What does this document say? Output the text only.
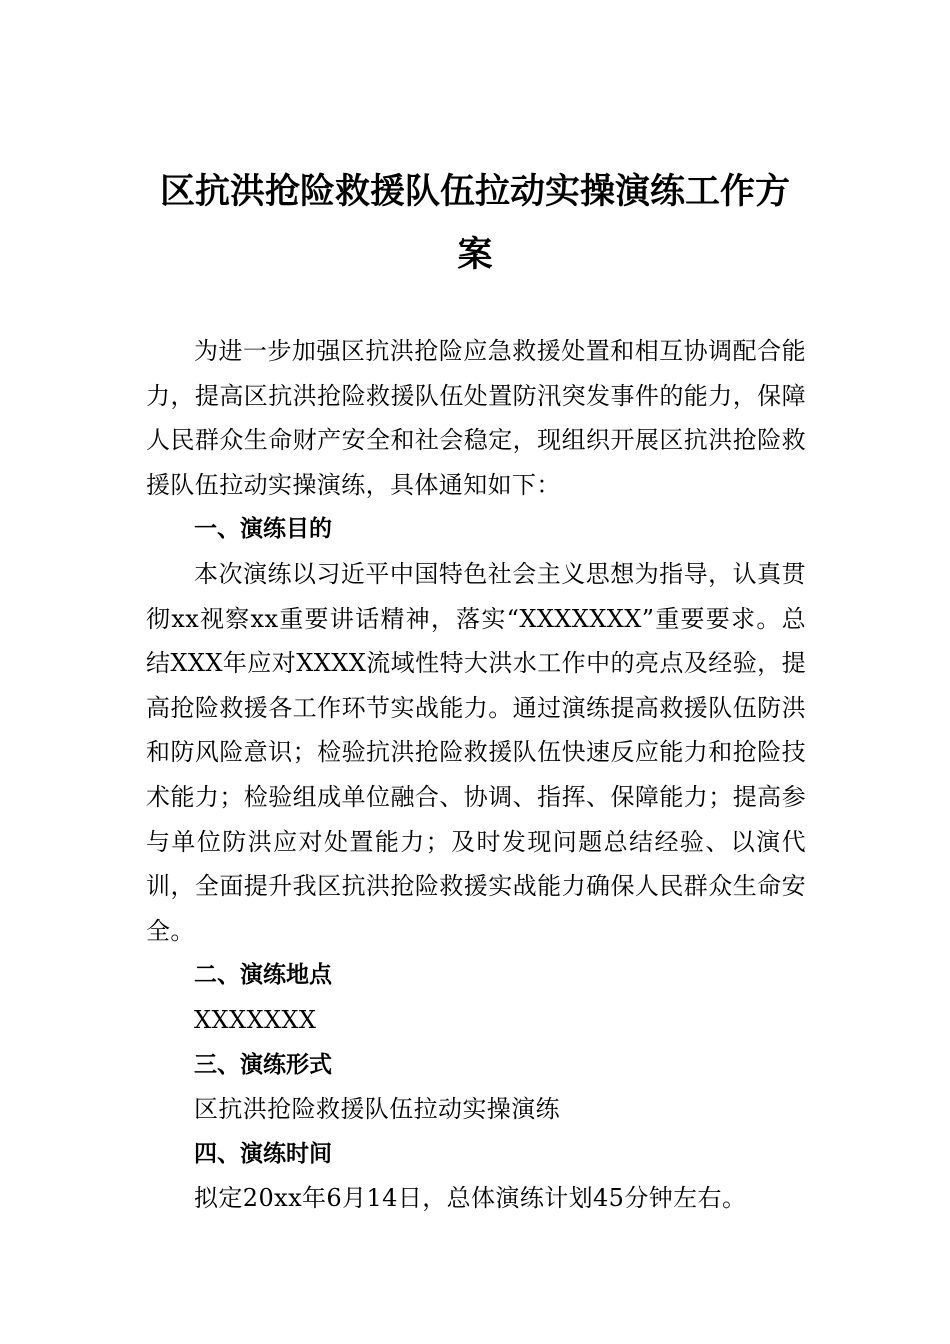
区抗洪抢险救援队伍拉动实操演练工作方
案

为进一步加强区抗洪抢险应急救援处置和相互协调配合能力，提高区抗洪抢险救援队伍处置防汛突发事件的能力，保障人民群众生命财产安全和社会稳定，现组织开展区抗洪抢险救援队伍拉动实操演练，具体通知如下：

一、演练目的

本次演练以习近平中国特色社会主义思想为指导，认真贯彻xx视察xx重要讲话精神，落实“XXXXXXX”重要要求。总结XXX年应对XXXX流域性特大洪水工作中的亮点及经验，提高抢险救援各工作环节实战能力。通过演练提高救援队伍防洪和防风险意识；检验抗洪抢险救援队伍快速反应能力和抢险技术能力；检验组成单位融合、协调、指挥、保障能力；提高参与单位防洪应对处置能力；及时发现问题总结经验、以演代训，全面提升我区抗洪抢险救援实战能力确保人民群众生命安全。

二、演练地点

XXXXXXX

三、演练形式

区抗洪抢险救援队伍拉动实操演练

四、演练时间

拟定20xx年6月14日，总体演练计划45分钟左右。
